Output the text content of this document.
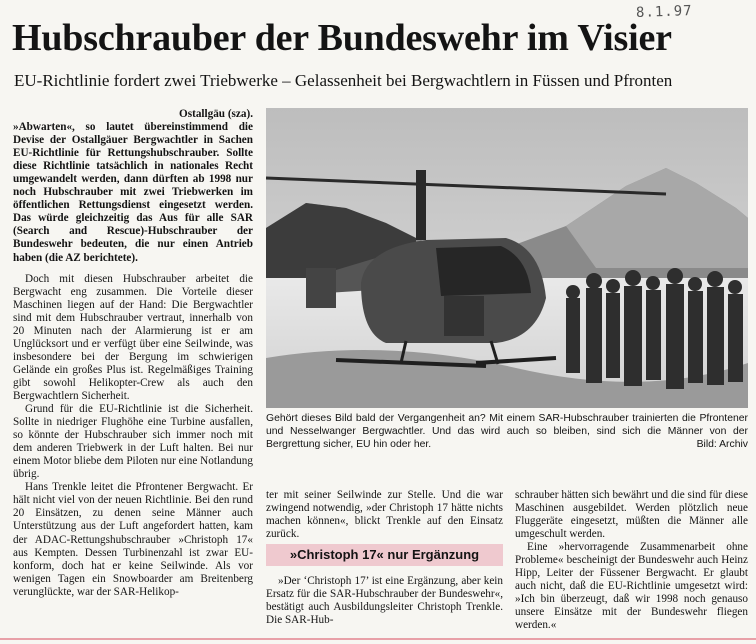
8.1.97
Hubschrauber der Bundeswehr im Visier
EU-Richtlinie fordert zwei Triebwerke – Gelassenheit bei Bergwachtlern in Füssen und Pfronten
Ostallgäu (sza).

»Abwarten«, so lautet übereinstimmend die Devise der Ostallgäuer Bergwachtler in Sachen EU-Richtlinie für Rettungshubschrauber. Sollte diese Richtlinie tatsächlich in nationales Recht umgewandelt werden, dann dürften ab 1998 nur noch Hubschrauber mit zwei Triebwerken im öffentlichen Rettungsdienst eingesetzt werden. Das würde gleichzeitig das Aus für alle SAR (Search and Rescue)-Hubschrauber der Bundeswehr bedeuten, die nur einen Antrieb haben (die AZ berichtete).

Doch mit diesen Hubschrauber arbeitet die Bergwacht eng zusammen. Die Vorteile dieser Maschinen liegen auf der Hand: Die Bergwachtler sind mit dem Hubschrauber vertraut, innerhalb von 20 Minuten nach der Alarmierung ist er am Unglücksort und er verfügt über eine Seilwinde, was insbesondere bei der Bergung im schwierigen Gelände ein großes Plus ist. Regelmäßiges Training gibt sowohl Helikopter-Crew als auch den Bergwachtlern Sicherheit.

Grund für die EU-Richtlinie ist die Sicherheit. Sollte in niedriger Flughöhe eine Turbine ausfallen, so könnte der Hubschrauber sich immer noch mit dem anderen Triebwerk in der Luft halten. Bei nur einem Motor bliebe dem Piloten nur eine Notlandung übrig.

Hans Trenkle leitet die Pfrontener Bergwacht. Er hält nicht viel von der neuen Richtlinie. Bei den rund 20 Einsätzen, zu denen seine Männer auch Unterstützung aus der Luft angefordert hatten, kam der ADAC-Rettungshubschrauber »Christoph 17« aus Kempten. Dessen Turbinenzahl ist zwar EU-konform, doch hat er keine Seilwinde. Als vor wenigen Tagen ein Snowboarder am Breitenberg verunglückte, war der SAR-Helikop-

Gehört dieses Bild bald der Vergangenheit an? Mit einem SAR-Hubschrauber trainierten die Pfrontener und Nesselwanger Bergwachtler. Und das wird auch so bleiben, sind sich die Männer von der Bergrettung sicher, EU hin oder her.	Bild: Archiv

ter mit seiner Seilwinde zur Stelle. Und die war zwingend notwendig, »der Christoph 17 hätte nichts machen können«, blickt Trenkle auf den Einsatz zurück.

»Christoph 17« nur Ergänzung

»Der ‘Christoph 17’ ist eine Ergänzung, aber kein Ersatz für die SAR-Hubschrauber der Bundeswehr«, bestätigt auch Ausbildungsleiter Christoph Trenkle. Die SAR-Hub-

schrauber hätten sich bewährt und die sind für diese Maschinen ausgebildet. Werden plötzlich neue Fluggeräte eingesetzt, müßten die Männer alle umgeschult werden.

Eine »hervorragende Zusammenarbeit ohne Probleme« bescheinigt der Bundeswehr auch Heinz Hipp, Leiter der Füssener Bergwacht. Er glaubt auch nicht, daß die EU-Richtlinie umgesetzt wird: »Ich bin überzeugt, daß wir 1998 noch genauso unsere Einsätze mit der Bundeswehr fliegen werden.«
